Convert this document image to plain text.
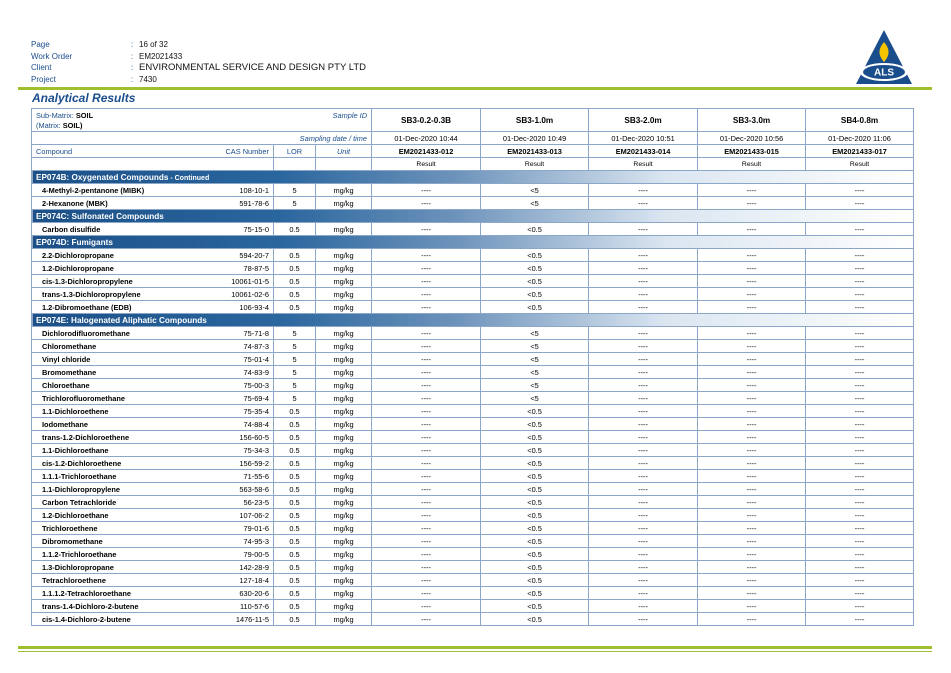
Page	: 16 of 32
Work Order	: EM2021433
Client	: ENVIRONMENTAL SERVICE AND DESIGN PTY LTD
Project	: 7430
ALS
Analytical Results
Sub-Matrix: SOIL
(Matrix: SOIL)
Sample ID				SB3-0.2-0.3B	SB3-1.0m	SB3-2.0m	SB3-3.0m	SB4-0.8m
Sampling date / time				01-Dec-2020 10:44	01-Dec-2020 10:49	01-Dec-2020 10:51	01-Dec-2020 10:56	01-Dec-2020 11:06
Compound	CAS Number	LOR	Unit	EM2021433-012	EM2021433-013	EM2021433-014	EM2021433-015	EM2021433-017
				Result	Result	Result	Result	Result
EP074B: Oxygenated Compounds - Continued								
4-Methyl-2-pentanone (MIBK)	108-10-1	5	mg/kg	----	<5	----	----	----
2-Hexanone (MBK)	591-78-6	5	mg/kg	----	<5	----	----	----
EP074C: Sulfonated Compounds								
Carbon disulfide	75-15-0	0.5	mg/kg	----	<0.5	----	----	----
EP074D: Fumigants								
2.2-Dichloropropane	594-20-7	0.5	mg/kg	----	<0.5	----	----	----
1.2-Dichloropropane	78-87-5	0.5	mg/kg	----	<0.5	----	----	----
cis-1.3-Dichloropropylene	10061-01-5	0.5	mg/kg	----	<0.5	----	----	----
trans-1.3-Dichloropropylene	10061-02-6	0.5	mg/kg	----	<0.5	----	----	----
1.2-Dibromoethane (EDB)	106-93-4	0.5	mg/kg	----	<0.5	----	----	----
EP074E: Halogenated Aliphatic Compounds								
Dichlorodifluoromethane	75-71-8	5	mg/kg	----	<5	----	----	----
Chloromethane	74-87-3	5	mg/kg	----	<5	----	----	----
Vinyl chloride	75-01-4	5	mg/kg	----	<5	----	----	----
Bromomethane	74-83-9	5	mg/kg	----	<5	----	----	----
Chloroethane	75-00-3	5	mg/kg	----	<5	----	----	----
Trichlorofluoromethane	75-69-4	5	mg/kg	----	<5	----	----	----
1.1-Dichloroethene	75-35-4	0.5	mg/kg	----	<0.5	----	----	----
Iodomethane	74-88-4	0.5	mg/kg	----	<0.5	----	----	----
trans-1.2-Dichloroethene	156-60-5	0.5	mg/kg	----	<0.5	----	----	----
1.1-Dichloroethane	75-34-3	0.5	mg/kg	----	<0.5	----	----	----
cis-1.2-Dichloroethene	156-59-2	0.5	mg/kg	----	<0.5	----	----	----
1.1.1-Trichloroethane	71-55-6	0.5	mg/kg	----	<0.5	----	----	----
1.1-Dichloropropylene	563-58-6	0.5	mg/kg	----	<0.5	----	----	----
Carbon Tetrachloride	56-23-5	0.5	mg/kg	----	<0.5	----	----	----
1.2-Dichloroethane	107-06-2	0.5	mg/kg	----	<0.5	----	----	----
Trichloroethene	79-01-6	0.5	mg/kg	----	<0.5	----	----	----
Dibromomethane	74-95-3	0.5	mg/kg	----	<0.5	----	----	----
1.1.2-Trichloroethane	79-00-5	0.5	mg/kg	----	<0.5	----	----	----
1.3-Dichloropropane	142-28-9	0.5	mg/kg	----	<0.5	----	----	----
Tetrachloroethene	127-18-4	0.5	mg/kg	----	<0.5	----	----	----
1.1.1.2-Tetrachloroethane	630-20-6	0.5	mg/kg	----	<0.5	----	----	----
trans-1.4-Dichloro-2-butene	110-57-6	0.5	mg/kg	----	<0.5	----	----	----
cis-1.4-Dichloro-2-butene	1476-11-5	0.5	mg/kg	----	<0.5	----	----	----
